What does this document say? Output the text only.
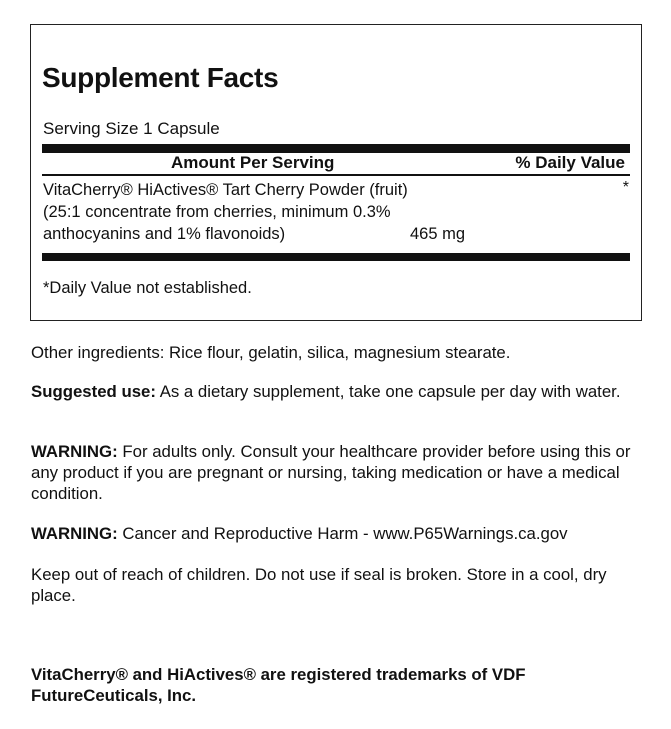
Supplement Facts
Serving Size 1 Capsule
Amount Per Serving	% Daily Value
VitaCherry® HiActives® Tart Cherry Powder (fruit)
(25:1 concentrate from cherries, minimum 0.3%
anthocyanins and 1% flavonoids)	465 mg
*
*Daily Value not established.
Other ingredients: Rice flour, gelatin, silica, magnesium stearate.
Suggested use: As a dietary supplement, take one capsule per day with water.
WARNING: For adults only. Consult your healthcare provider before using this or any product if you are pregnant or nursing, taking medication or have a medical condition.
WARNING: Cancer and Reproductive Harm - www.P65Warnings.ca.gov
Keep out of reach of children. Do not use if seal is broken. Store in a cool, dry place.
VitaCherry® and HiActives® are registered trademarks of VDF FutureCeuticals, Inc.
